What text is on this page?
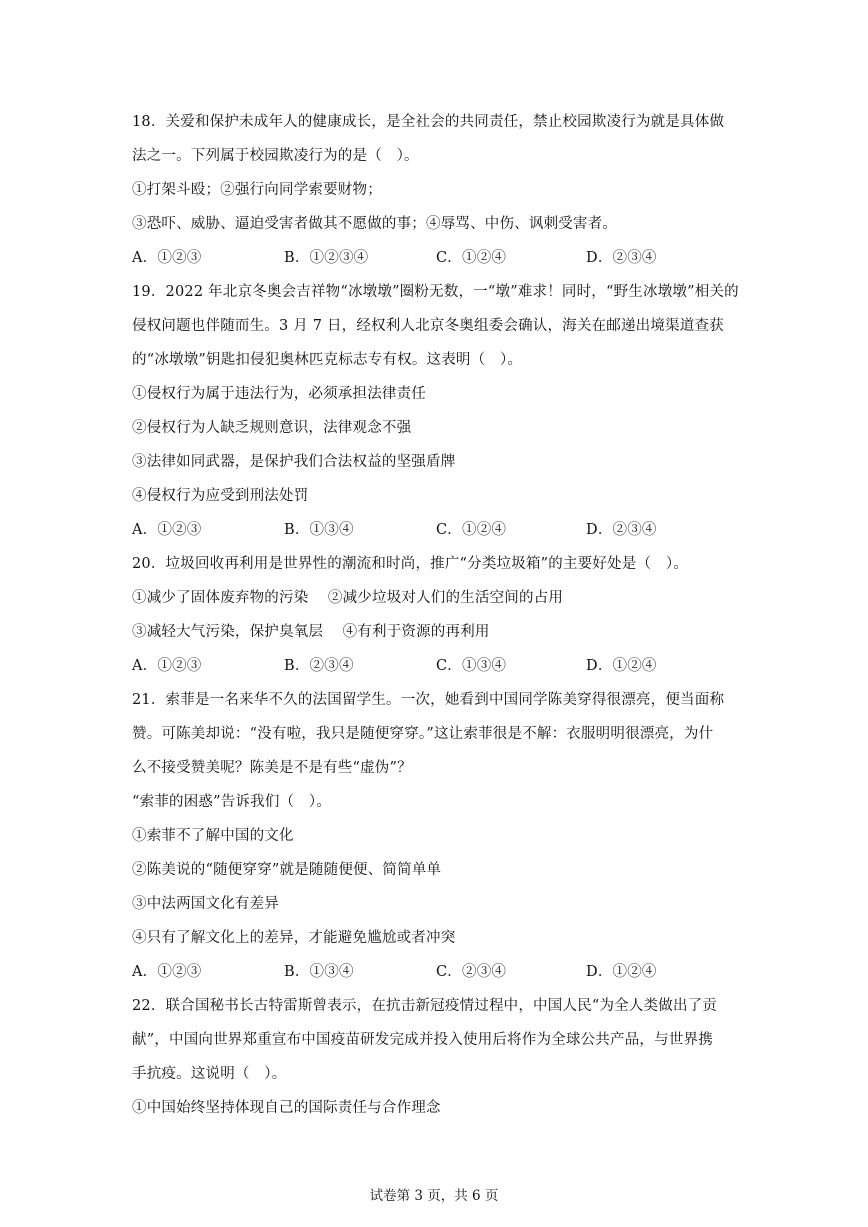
18．关爱和保护未成年人的健康成长，是全社会的共同责任，禁止校园欺凌行为就是具体做
法之一。下列属于校园欺凌行为的是（　）。
①打架斗殴；②强行向同学索要财物；
③恐吓、威胁、逼迫受害者做其不愿做的事；④辱骂、中伤、讽刺受害者。
A．①②③	B．①②③④	C．①②④	D．②③④
19．2022 年北京冬奥会吉祥物“冰墩墩”圈粉无数，一“墩”难求！同时，“野生冰墩墩”相关的
侵权问题也伴随而生。3 月 7 日，经权利人北京冬奥组委会确认，海关在邮递出境渠道查获
的“冰墩墩”钥匙扣侵犯奥林匹克标志专有权。这表明（　）。
①侵权行为属于违法行为，必须承担法律责任
②侵权行为人缺乏规则意识，法律观念不强
③法律如同武器，是保护我们合法权益的坚强盾牌
④侵权行为应受到刑法处罚
A．①②③	B．①③④	C．①②④	D．②③④
20．垃圾回收再利用是世界性的潮流和时尚，推广“分类垃圾箱”的主要好处是（　）。
①减少了固体废弃物的污染　 ②减少垃圾对人们的生活空间的占用
③减轻大气污染，保护臭氧层　 ④有利于资源的再利用
A．①②③	B．②③④	C．①③④	D．①②④
21．索菲是一名来华不久的法国留学生。一次，她看到中国同学陈美穿得很漂亮，便当面称
赞。可陈美却说：“没有啦，我只是随便穿穿。”这让索菲很是不解：衣服明明很漂亮，为什
么不接受赞美呢？陈美是不是有些“虚伪”？
“索菲的困惑”告诉我们（　）。
①索菲不了解中国的文化
②陈美说的“随便穿穿”就是随随便便、简简单单
③中法两国文化有差异
④只有了解文化上的差异，才能避免尴尬或者冲突
A．①②③	B．①③④	C．②③④	D．①②④
22．联合国秘书长古特雷斯曾表示，在抗击新冠疫情过程中，中国人民“为全人类做出了贡
献”，中国向世界郑重宣布中国疫苗研发完成并投入使用后将作为全球公共产品，与世界携
手抗疫。这说明（　）。
①中国始终坚持体现自己的国际责任与合作理念
试卷第 3 页，共 6 页
